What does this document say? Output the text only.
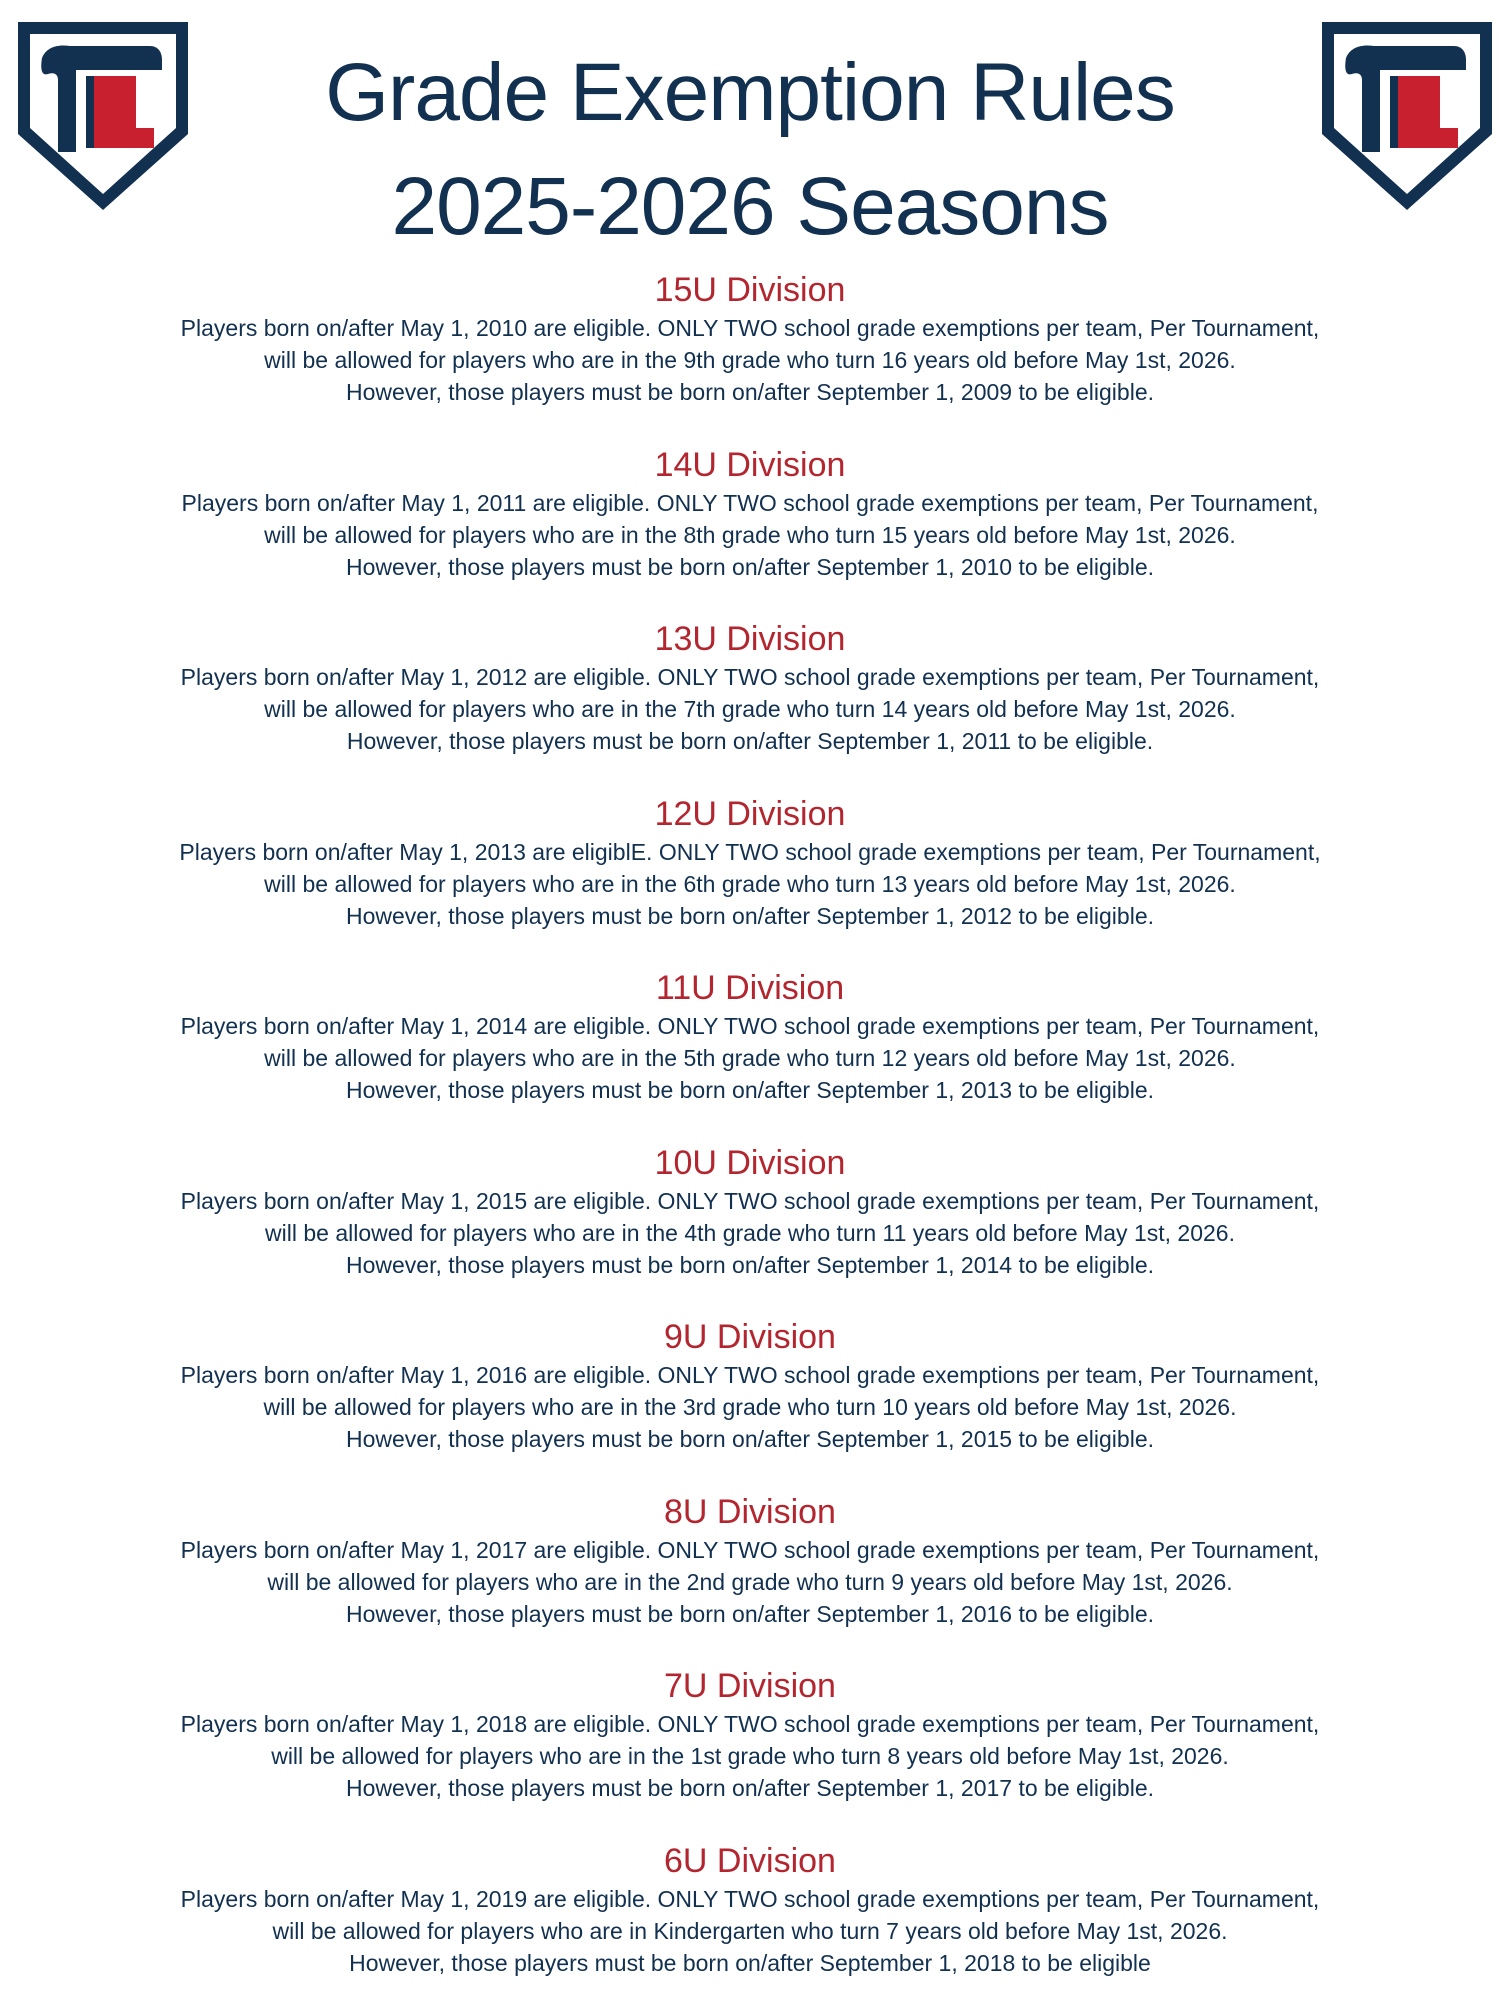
TM	TM
Grade Exemption Rules
2025-2026 Seasons
15U Division

Players born on/after May 1, 2010 are eligible. ONLY TWO school grade exemptions per team, Per Tournament,

will be allowed for players who are in the 9th grade who turn 16 years old before May 1st, 2026.

However, those players must be born on/after September 1, 2009 to be eligible.

14U Division

Players born on/after May 1, 2011 are eligible. ONLY TWO school grade exemptions per team, Per Tournament,

will be allowed for players who are in the 8th grade who turn 15 years old before May 1st, 2026.

However, those players must be born on/after September 1, 2010 to be eligible.

13U Division

Players born on/after May 1, 2012 are eligible. ONLY TWO school grade exemptions per team, Per Tournament,

will be allowed for players who are in the 7th grade who turn 14 years old before May 1st, 2026.

However, those players must be born on/after September 1, 2011 to be eligible.

12U Division

Players born on/after May 1, 2013 are eligiblE. ONLY TWO school grade exemptions per team, Per Tournament,

will be allowed for players who are in the 6th grade who turn 13 years old before May 1st, 2026.

However, those players must be born on/after September 1, 2012 to be eligible.

11U Division

Players born on/after May 1, 2014 are eligible. ONLY TWO school grade exemptions per team, Per Tournament,

will be allowed for players who are in the 5th grade who turn 12 years old before May 1st, 2026.

However, those players must be born on/after September 1, 2013 to be eligible.

10U Division

Players born on/after May 1, 2015 are eligible. ONLY TWO school grade exemptions per team, Per Tournament,

will be allowed for players who are in the 4th grade who turn 11 years old before May 1st, 2026.

However, those players must be born on/after September 1, 2014 to be eligible.

9U Division

Players born on/after May 1, 2016 are eligible. ONLY TWO school grade exemptions per team, Per Tournament,

will be allowed for players who are in the 3rd grade who turn 10 years old before May 1st, 2026.

However, those players must be born on/after September 1, 2015 to be eligible.

8U Division

Players born on/after May 1, 2017 are eligible. ONLY TWO school grade exemptions per team, Per Tournament,

will be allowed for players who are in the 2nd grade who turn 9 years old before May 1st, 2026.

However, those players must be born on/after September 1, 2016 to be eligible.

7U Division

Players born on/after May 1, 2018 are eligible. ONLY TWO school grade exemptions per team, Per Tournament,

will be allowed for players who are in the 1st grade who turn 8 years old before May 1st, 2026.

However, those players must be born on/after September 1, 2017 to be eligible.

6U Division

Players born on/after May 1, 2019 are eligible. ONLY TWO school grade exemptions per team, Per Tournament,

will be allowed for players who are in Kindergarten who turn 7 years old before May 1st, 2026.

However, those players must be born on/after September 1, 2018 to be eligible
